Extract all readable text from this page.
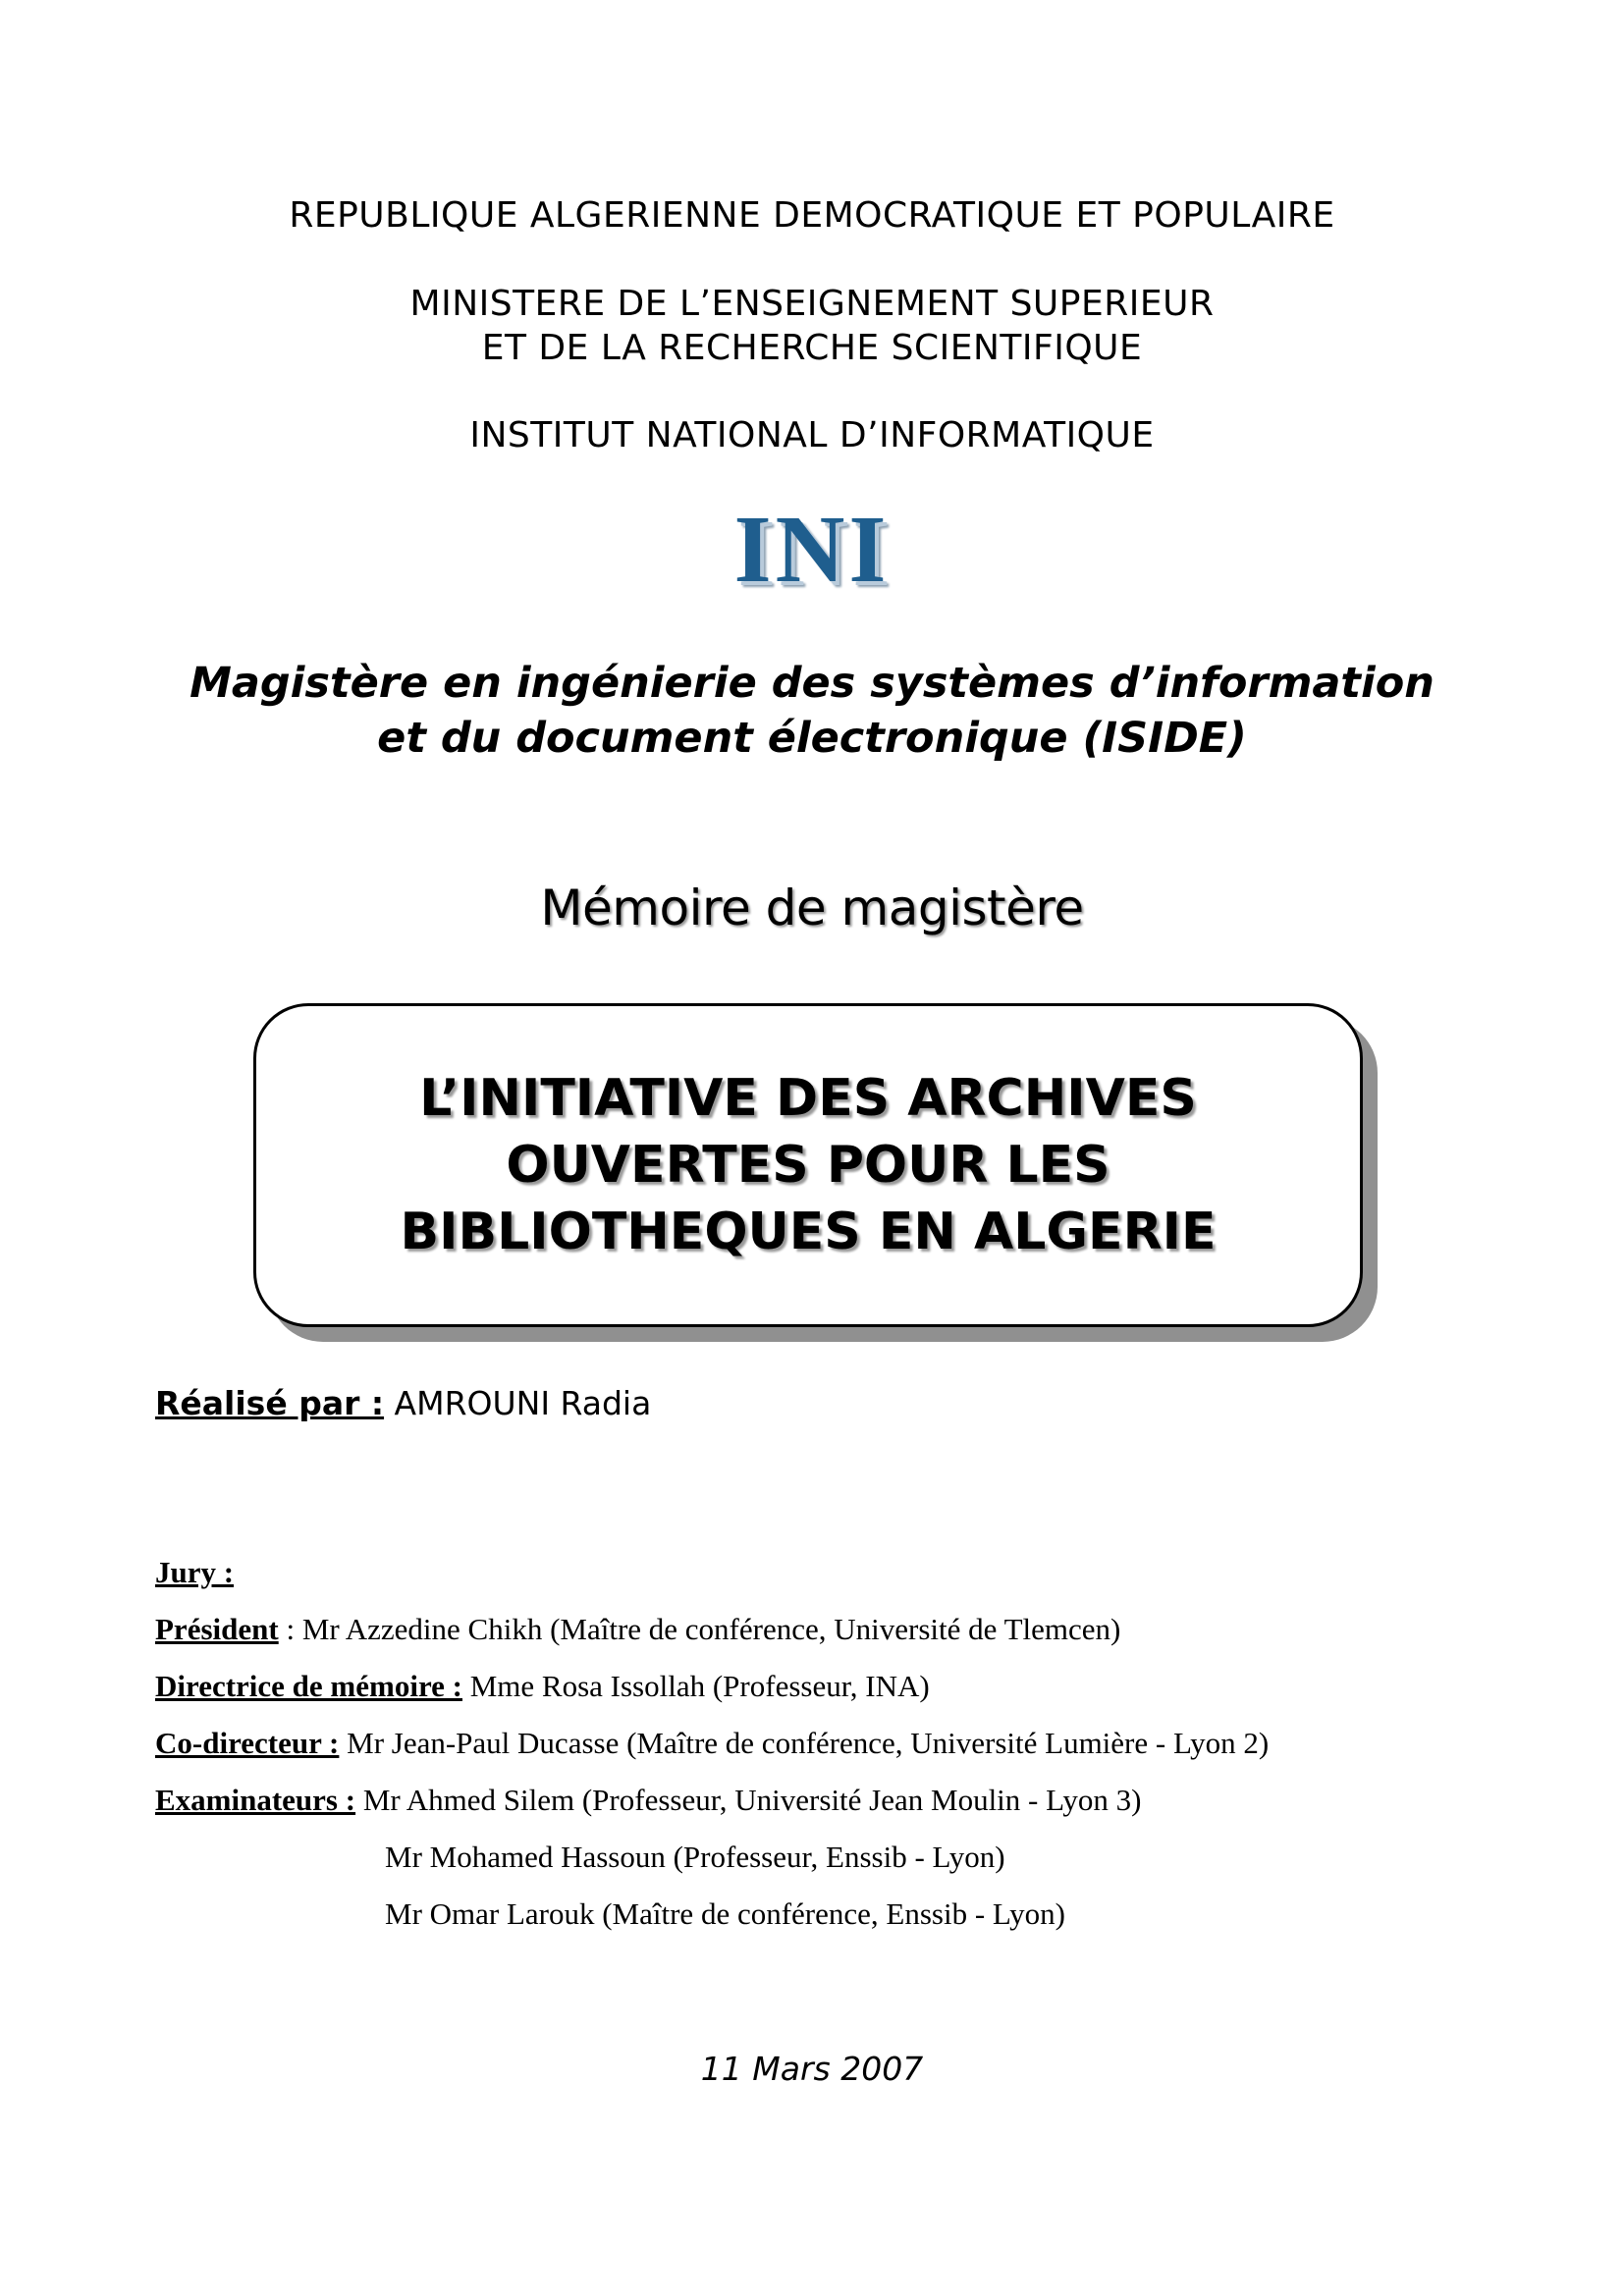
REPUBLIQUE ALGERIENNE DEMOCRATIQUE ET POPULAIRE
MINISTERE DE L’ENSEIGNEMENT SUPERIEUR
ET DE LA RECHERCHE SCIENTIFIQUE
INSTITUT NATIONAL D’INFORMATIQUE
INI
Magistère en ingénierie des systèmes d’information
et du document électronique (ISIDE)
Mémoire de magistère
L’INITIATIVE DES ARCHIVES
OUVERTES POUR LES
BIBLIOTHEQUES EN ALGERIE
Réalisé par : AMROUNI Radia
Jury :
Président : Mr Azzedine Chikh (Maître de conférence, Université de Tlemcen)
Directrice de mémoire : Mme Rosa Issollah (Professeur, INA)
Co-directeur : Mr Jean-Paul Ducasse (Maître de conférence, Université Lumière - Lyon 2)
Examinateurs : Mr Ahmed Silem (Professeur, Université Jean Moulin - Lyon 3)
Mr Mohamed Hassoun (Professeur, Enssib - Lyon)
Mr Omar Larouk (Maître de conférence, Enssib - Lyon)
11 Mars 2007
